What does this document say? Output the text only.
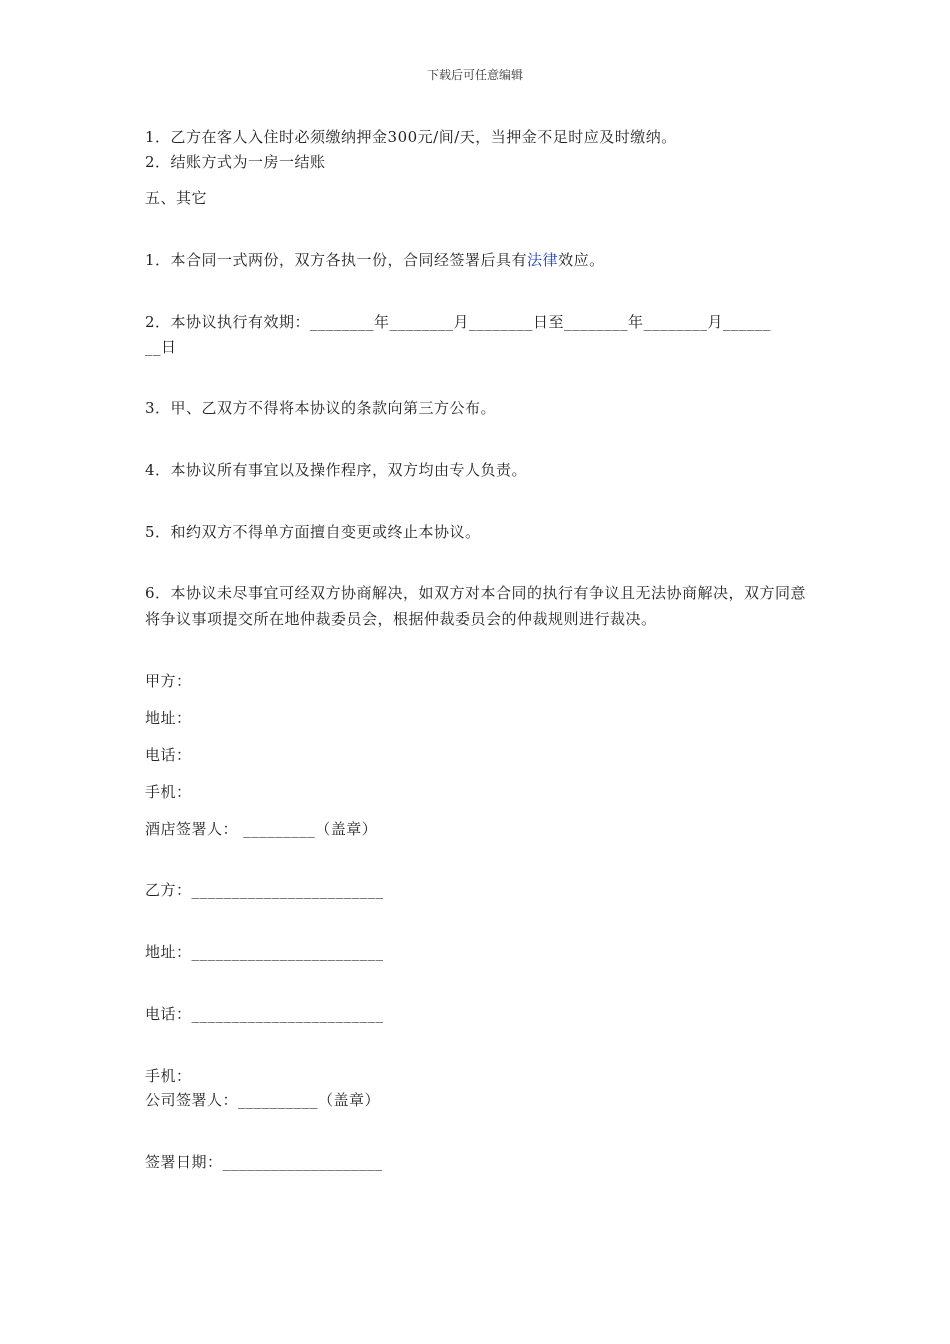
下载后可任意编辑
1．乙方在客人入住时必须缴纳押金300元/间/天，当押金不足时应及时缴纳。
2．结账方式为一房一结账
五、其它
1．本合同一式两份，双方各执一份，合同经签署后具有法律效应。
2．本协议执行有效期：________年________月________日至________年________月______
__日
3．甲、乙双方不得将本协议的条款向第三方公布。
4．本协议所有事宜以及操作程序，双方均由专人负责。
5．和约双方不得单方面擅自变更或终止本协议。
6．本协议未尽事宜可经双方协商解决，如双方对本合同的执行有争议且无法协商解决，双方同意将争议事项提交所在地仲裁委员会，根据仲裁委员会的仲裁规则进行裁决。
甲方：
地址：
电话：
手机：
酒店签署人： _________（盖章）
乙方：________________________
地址：________________________
电话：________________________
手机：
公司签署人：__________（盖章）
签署日期：____________________
